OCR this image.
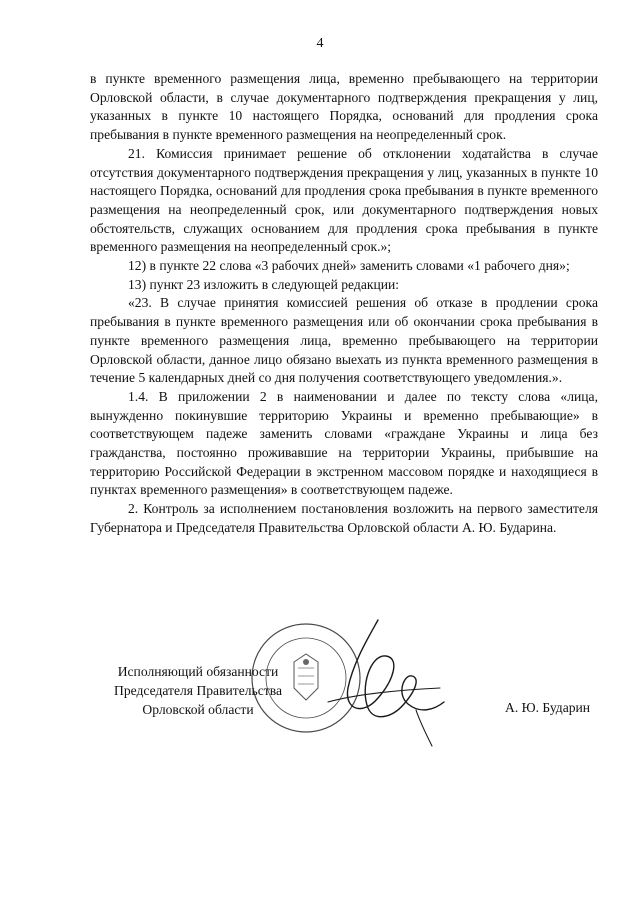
4

в пункте временного размещения лица, временно пребывающего на территории Орловской области, в случае документарного подтверждения прекращения у лиц, указанных в пункте 10 настоящего Порядка, оснований для продления срока пребывания в пункте временного размещения на неопределенный срок.

21. Комиссия принимает решение об отклонении ходатайства в случае отсутствия документарного подтверждения прекращения у лиц, указанных в пункте 10 настоящего Порядка, оснований для продления срока пребывания в пункте временного размещения на неопределенный срок, или документарного подтверждения новых обстоятельств, служащих основанием для продления срока пребывания в пункте временного размещения на неопределенный срок.»;

12) в пункте 22 слова «3 рабочих дней» заменить словами «1 рабочего дня»;

13) пункт 23 изложить в следующей редакции:

«23. В случае принятия комиссией решения об отказе в продлении срока пребывания в пункте временного размещения или об окончании срока пребывания в пункте временного размещения лица, временно пребывающего на территории Орловской области, данное лицо обязано выехать из пункта временного размещения в течение 5 календарных дней со дня получения соответствующего уведомления.».

1.4. В приложении 2 в наименовании и далее по тексту слова «лица, вынужденно покинувшие территорию Украины и временно пребывающие» в соответствующем падеже заменить словами «граждане Украины и лица без гражданства, постоянно проживавшие на территории Украины, прибывшие на территорию Российской Федерации в экстренном массовом порядке и находящиеся в пунктах временного размещения» в соответствующем падеже.

2. Контроль за исполнением постановления возложить на первого заместителя Губернатора и Председателя Правительства Орловской области А. Ю. Бударина.

Исполняющий обязанности
Председателя Правительства
Орловской области	А. Ю. Бударин
